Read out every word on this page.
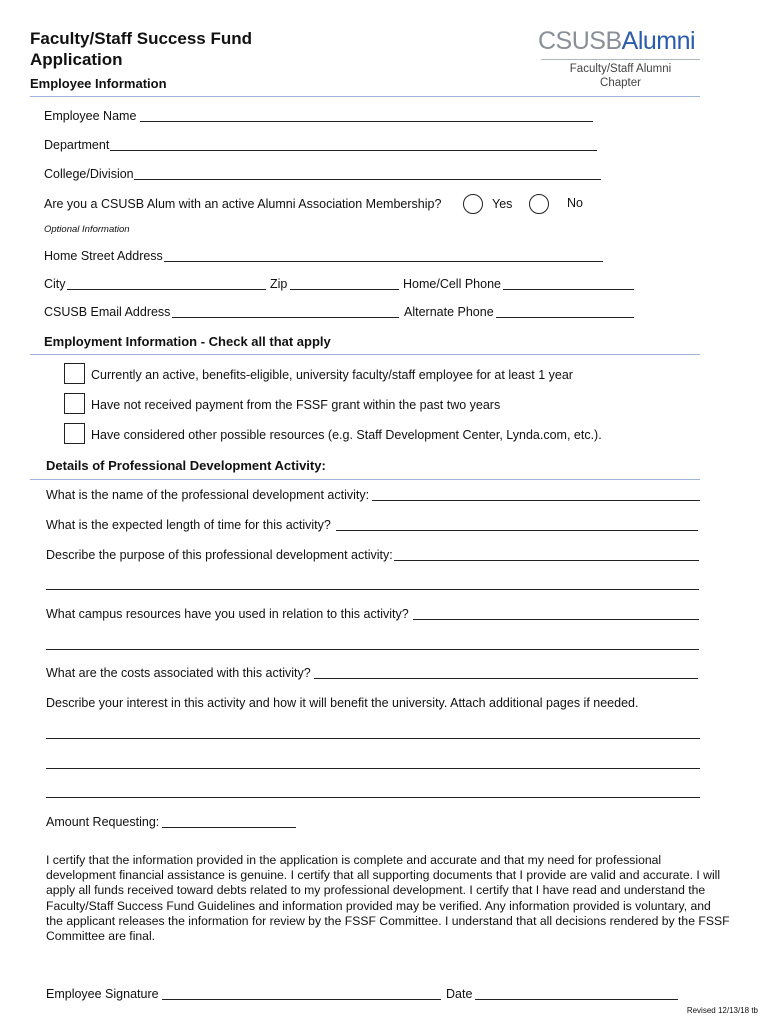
Faculty/Staff Success Fund
Application
CSUSBAlumni
Faculty/Staff Alumni
Chapter
Employee Information
Employee Name
Department
College/Division
Are you a CSUSB Alum with an active Alumni Association Membership?	Yes	No
Optional Information
Home Street Address
City	Zip	Home/Cell Phone
CSUSB Email Address	Alternate Phone
Employment Information - Check all that apply
Currently an active, benefits-eligible, university faculty/staff employee for at least 1 year
Have not received payment from the FSSF grant within the past two years
Have considered other possible resources (e.g. Staff Development Center, Lynda.com, etc.).
Details of Professional Development Activity:
What is the name of the professional development activity:
What is the expected length of time for this activity?
Describe the purpose of this professional development activity:
What campus resources have you used in relation to this activity?
What are the costs associated with this activity?
Describe your interest in this activity and how it will benefit the university. Attach additional pages if needed.
Amount Requesting:
I certify that the information provided in the application is complete and accurate and that my need for professional development financial assistance is genuine. I certify that all supporting documents that I provide are valid and accurate. I will apply all funds received toward debts related to my professional development. I certify that I have read and understand the Faculty/Staff Success Fund Guidelines and information provided may be verified. Any information provided is voluntary, and the applicant releases the information for review by the FSSF Committee. I understand that all decisions rendered by the FSSF Committee are final.
Employee Signature	Date
Revised 12/13/18 tb
